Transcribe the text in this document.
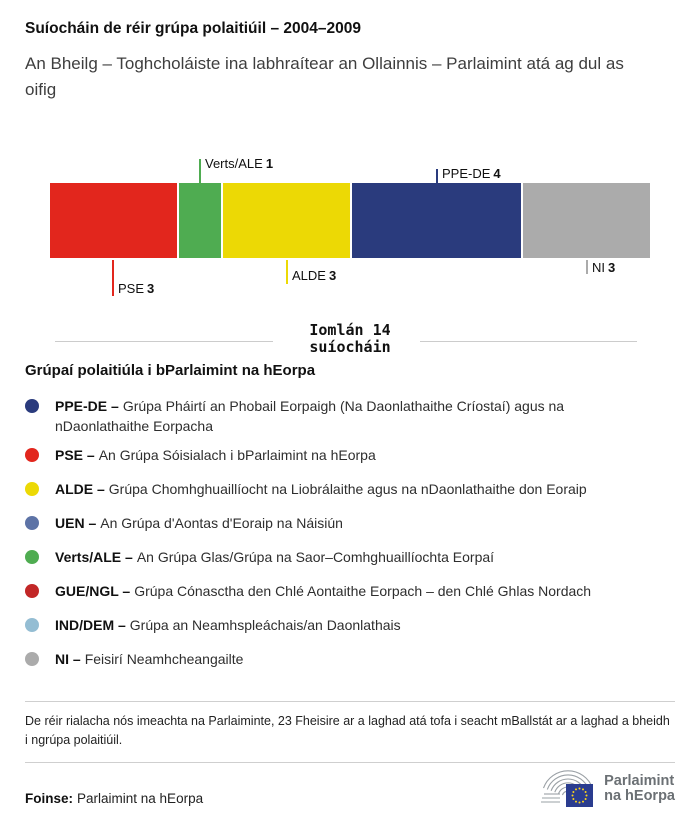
Suíocháin de réir grúpa polaitiúil – 2004–2009

An Bheilg – Toghcholáiste ina labhraítear an Ollainnis – Parlaimint atá ag dul as oifig

PSE 3
Verts/ALE 1
ALDE 3
PPE-DE 4
NI 3
Iomlán 14
suíocháin
Grúpaí polaitiúla i bParlaimint na hEorpa
PPE-DE – Grúpa Pháirtí an Phobail Eorpaigh (Na Daonlathaithe Críostaí) agus na nDaonlathaithe Eorpacha
PSE – An Grúpa Sóisialach i bParlaimint na hEorpa
ALDE – Grúpa Chomhghuaillíocht na Liobrálaithe agus na nDaonlathaithe don Eoraip
UEN – An Grúpa d'Aontas d'Eoraip na Náisiún
Verts/ALE – An Grúpa Glas/Grúpa na Saor–Comhghuaillíochta Eorpaí
GUE/NGL – Grúpa Cónasctha den Chlé Aontaithe Eorpach – den Chlé Ghlas Nordach
IND/DEM – Grúpa an Neamhspleáchais/an Daonlathais
NI – Feisirí Neamhcheangailte

De réir rialacha nós imeachta na Parlaiminte, 23 Fheisire ar a laghad atá tofa i seacht mBallstát ar a laghad a bheidh i ngrúpa polaitiúil.

Foinse: Parlaimint na hEorpa
Parlaimint
na hEorpa
